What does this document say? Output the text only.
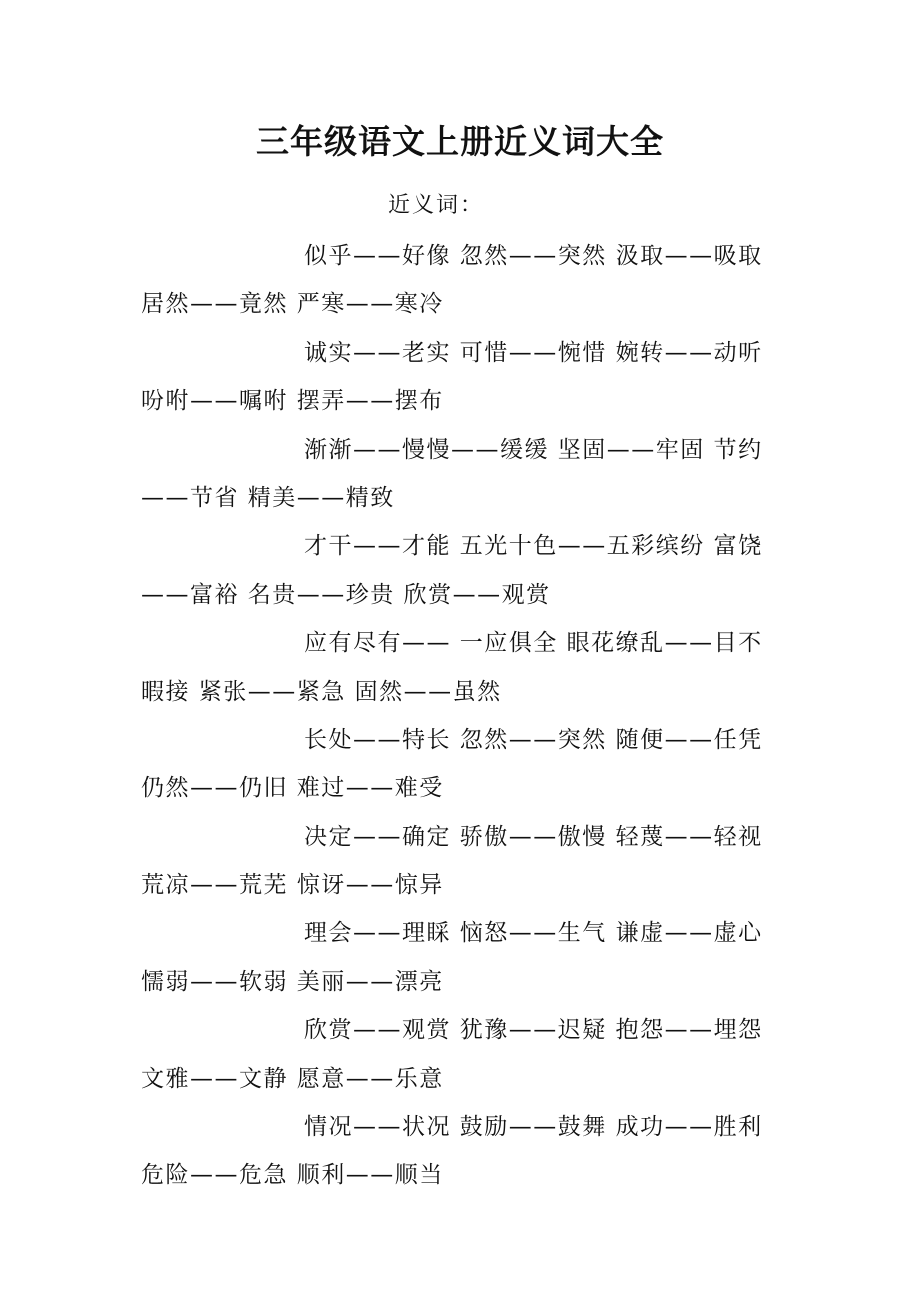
三年级语文上册近义词大全
近义词：
似乎——好像 忽然——突然 汲取——吸取
居然——竟然 严寒——寒冷
诚实——老实 可惜——惋惜 婉转——动听
吩咐——嘱咐 摆弄——摆布
渐渐——慢慢——缓缓 坚固——牢固 节约
——节省 精美——精致
才干——才能 五光十色——五彩缤纷 富饶
——富裕 名贵——珍贵 欣赏——观赏
应有尽有—— 一应俱全 眼花缭乱——目不
暇接 紧张——紧急 固然——虽然
长处——特长 忽然——突然 随便——任凭
仍然——仍旧 难过——难受
决定——确定 骄傲——傲慢 轻蔑——轻视
荒凉——荒芜 惊讶——惊异
理会——理睬 恼怒——生气 谦虚——虚心
懦弱——软弱 美丽——漂亮
欣赏——观赏 犹豫——迟疑 抱怨——埋怨
文雅——文静 愿意——乐意
情况——状况 鼓励——鼓舞 成功——胜利
危险——危急 顺利——顺当
